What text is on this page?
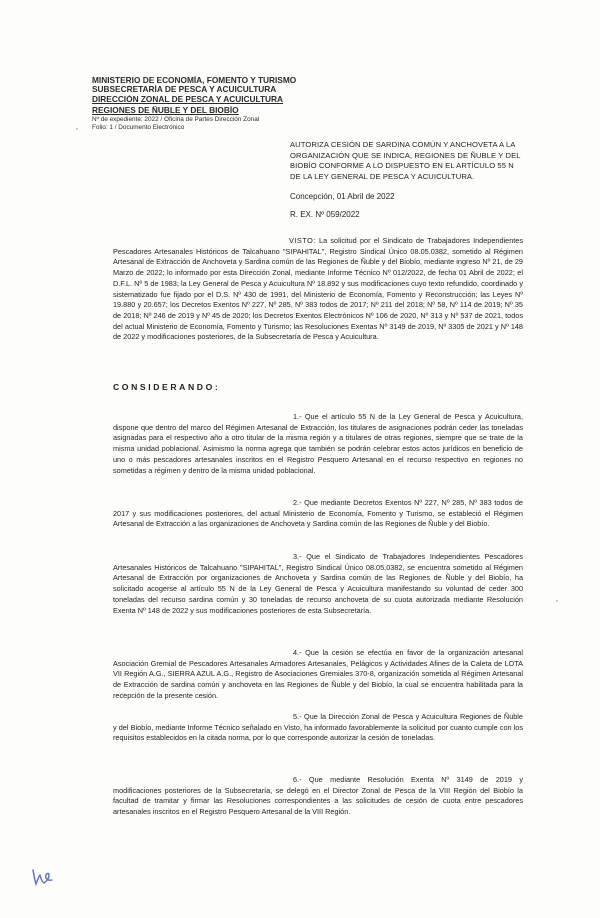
MINISTERIO DE ECONOMÍA, FOMENTO Y TURISMO
SUBSECRETARÍA DE PESCA Y ACUICULTURA
DIRECCIÓN ZONAL DE PESCA Y ACUICULTURA
REGIONES DE ÑUBLE Y DEL BIOBÍO
Nº de expediente: 2022 / Oficina de Partes Dirección Zonal
Folio: 1 / Documento Electrónico
AUTORIZA CESIÓN DE SARDINA COMÚN Y ANCHOVETA A LA ORGANIZACIÓN QUE SE INDICA, REGIONES DE ÑUBLE Y DEL BIOBÍO CONFORME A LO DISPUESTO EN EL ARTÍCULO 55 N DE LA LEY GENERAL DE PESCA Y ACUICULTURA.
Concepción, 01 Abril de 2022
R. EX. Nº 059/2022
VISTO: La solicitud por el Sindicato de Trabajadores Independientes Pescadores Artesanales Históricos de Talcahuano "SIPAHITAL", Registro Sindical Único 08.05.0382, sometido al Régimen Artesanal de Extracción de Anchoveta y Sardina común de las Regiones de Ñuble y del Biobío, mediante ingreso Nº 21, de 29 Marzo de 2022; lo informado por esta Dirección Zonal, mediante Informe Técnico Nº 012/2022, de fecha 01 Abril de 2022; el D.F.L. Nº 5 de 1983; la Ley General de Pesca y Acuicultura Nº 18.892 y sus modificaciones cuyo texto refundido, coordinado y sistematizado fue fijado por el D.S. Nº 430 de 1991, del Ministerio de Economía, Fomento y Reconstrucción; las Leyes Nº 19.880 y 20.657; los Decretos Exentos Nº 227, Nº 285, Nº 383 todos de 2017; Nº 211 del 2018; Nº 58, Nº 114 de 2019; Nº 35 de 2018; Nº 246 de 2019 y Nº 45 de 2020; los Decretos Exentos Electrónicos Nº 106 de 2020, Nº 313 y Nº 537 de 2021, todos del actual Ministerio de Economía, Fomento y Turismo; las Resoluciones Exentas Nº 3149 de 2019, Nº 3305 de 2021 y Nº 148 de 2022 y modificaciones posteriores, de la Subsecretaría de Pesca y Acuicultura.
CONSIDERANDO:
1.- Que el artículo 55 N de la Ley General de Pesca y Acuicultura, dispone que dentro del marco del Régimen Artesanal de Extracción, los titulares de asignaciones podrán ceder las toneladas asignadas para el respectivo año a otro titular de la misma región y a titulares de otras regiones, siempre que se trate de la misma unidad poblacional. Asimismo la norma agrega que también se podrán celebrar estos actos jurídicos en beneficio de uno o más pescadores artesanales inscritos en el Registro Pesquero Artesanal en el recurso respectivo en regiones no sometidas a régimen y dentro de la misma unidad poblacional.
2.- Que mediante Decretos Exentos Nº 227, Nº 285, Nº 383 todos de 2017 y sus modificaciones posteriores, del actual Ministerio de Economía, Fomento y Turismo, se estableció el Régimen Artesanal de Extracción a las organizaciones de Anchoveta y Sardina común de las Regiones de Ñuble y del Biobío.
3.- Que el Sindicato de Trabajadores Independientes Pescadores Artesanales Históricos de Talcahuano "SIPAHITAL", Registro Sindical Único 08.05.0382, se encuentra sometido al Régimen Artesanal de Extracción por organizaciones de Anchoveta y Sardina común de las Regiones de Ñuble y del Biobío, ha solicitado acogerse al artículo 55 N de la Ley General de Pesca y Acuicultura manifestando su voluntad de ceder 300 toneladas del recurso sardina común y 30 toneladas de recurso anchoveta de su cuota autorizada mediante Resolución Exenta Nº 148 de 2022 y sus modificaciones posteriores de esta Subsecretaría.
4.- Que la cesión se efectúa en favor de la organización artesanal Asociación Gremial de Pescadores Artesanales Armadores Artesanales, Pelágicos y Actividades Afines de la Caleta de LOTA VII Región A.G., SIERRA AZUL A.G., Registro de Asociaciones Gremiales 370-8, organización sometida al Régimen Artesanal de Extracción de sardina común y anchoveta en las Regiones de Ñuble y del Biobío, la cual se encuentra habilitada para la recepción de la presente cesión.
5.- Que la Dirección Zonal de Pesca y Acuicultura Regiones de Ñuble y del Biobío, mediante Informe Técnico señalado en Visto, ha informado favorablemente la solicitud por cuanto cumple con los requisitos establecidos en la citada norma, por lo que corresponde autorizar la cesión de toneladas.
6.- Que mediante Resolución Exenta Nº 3149 de 2019 y modificaciones posteriores de la Subsecretaría, se delegó en el Director Zonal de Pesca de la VIII Región del Biobío la facultad de tramitar y firmar las Resoluciones correspondientes a las solicitudes de cesión de cuota entre pescadores artesanales inscritos en el Registro Pesquero Artesanal de la VIII Región.
